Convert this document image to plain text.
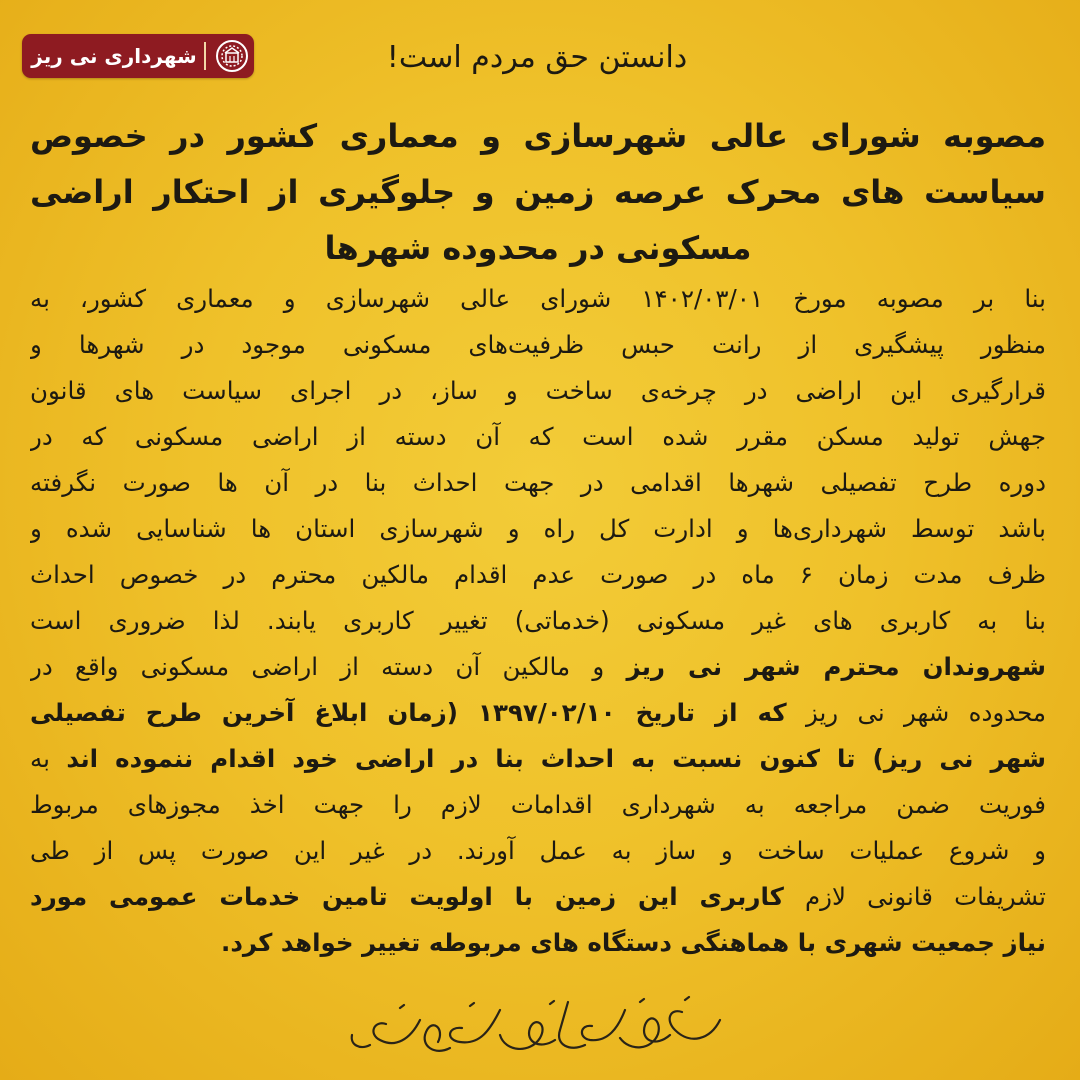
شهرداری نی ریز	دانستن حق مردم است!
مصوبه شورای عالی شهرسازی و معماری کشور در خصوص
سیاست های محرک عرصه زمین و جلوگیری از احتکار اراضی
مسکونی در محدوده شهرها
بنا بر مصوبه مورخ ۱۴۰۲/۰۳/۰۱ شورای عالی شهرسازی و معماری کشور، به
منظور پیشگیری از رانت حبس ظرفیت‌های مسکونی موجود در شهرها و
قرارگیری این اراضی در چرخه‌ی ساخت و ساز، در اجرای سیاست های قانون
جهش تولید مسکن مقرر شده است که آن دسته از اراضی مسکونی که در
دوره طرح تفصیلی شهرها اقدامی در جهت احداث بنا در آن ها صورت نگرفته
باشد توسط شهرداری‌ها و ادارت کل راه و شهرسازی استان ها شناسایی شده و
ظرف مدت زمان ۶ ماه در صورت عدم اقدام مالکین محترم در خصوص احداث
بنا به کاربری های غیر مسکونی (خدماتی) تغییر کاربری یابند. لذا ضروری است
شهروندان محترم شهر نی ریز و مالکین آن دسته از اراضی مسکونی واقع در
محدوده شهر نی ریز که از تاریخ ۱۳۹۷/۰۲/۱۰ (زمان ابلاغ آخرین طرح تفصیلی
شهر نی ریز) تا کنون نسبت به احداث بنا در اراضی خود اقدام ننموده اند به
فوریت ضمن مراجعه به شهرداری اقدامات لازم را جهت اخذ مجوزهای مربوط
و شروع عملیات ساخت و ساز به عمل آورند. در غیر این صورت پس از طی
تشریفات قانونی لازم کاربری این زمین با اولویت تامین خدمات عمومی مورد
نیاز جمعیت شهری با هماهنگی دستگاه های مربوطه تغییر خواهد کرد.
